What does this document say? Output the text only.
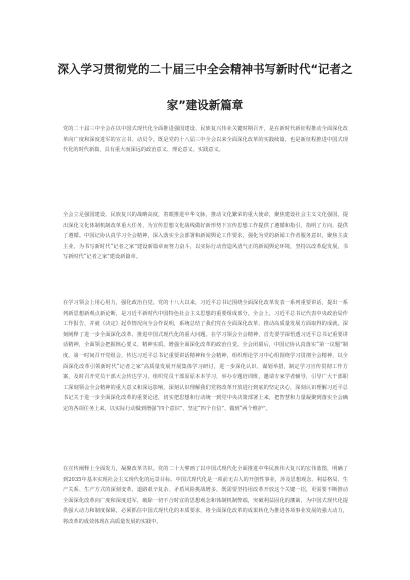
深入学习贯彻党的二十届三中全会精神书写新时代“记者之
家”建设新篇章

党的二十届三中全会在以中国式现代化全面推进强国建设、民族复兴伟业关键时期召开，是在新时代新征程推动全面深化改革向广度和深度进军的宣言书、动员令。既是党的十八届三中全会以来全面深化改革的实践续篇，也是新征程推进中国式现代化的时代新篇，具有重大而深远的政治意义、理论意义、实践意义。

全会立足强国建设、民族复兴的战略高度，着眼推进中华文脉，推动文化繁荣的重大使命，聚焦建设社会主义文化强国，提出深化文化体制机制改革重大任务，为宣传思想文化战线做好新形势下宣传思想工作提供了遵循和指引，指明了方向、提供了遵循。中国记协认真学习全会精神，深入落实全会部署和新闻舆论工作要求，强化为党的新闻工作者服务意识，聚焦主责主业，为书写新时代“记者之家”建设新篇章而努力奋斗，以实际行动营造风清气正的新闻舆论环境，坚持以改革促发展，书写新时代“记者之家”建设新篇章。

在学习领会上用心用力，强化政治自觉。党的十八大以来，习近平总书记围绕全面深化改革发表一系列重要讲话，提出一系列新思想新观点新论断，是习近平新时代中国特色社会主义思想的重要组成部分。全会上，习近平总书记代表中央政治局作工作报告，并就《决定》起草情况向全会作说明，系统总结了我们党在全面深化改革、推动高质量发展方面取得的成就，深刻阐释了进一步全面深化改革、推进中国式现代化的重大问题。在学习领会全会精神，首先要学深悟透习近平总书记重要讲话精神，全面领会把握核心要义、精神实质，增强全面深化改革的政治自觉。全会闭幕后，中国记协认真落实“第一议题”制度，第一时间召开党组会，传达习近平总书记重要讲话精神和全会精神，组织理论学习中心组围绕学习贯彻全会精神，以全面深化改革引领新时代“记者之家”高质量发展开展集体学习研讨，进一步深化认识、谋划举措，制定学习宣传贯彻工作方案，及时召开党员干部大会传达学习，组织党员干部原原本本学习，举办专题培训班，邀请专家学者辅导，引导广大干部职工深刻领会全会精神的重大意义和深远影响，深刻认识理解我们党将改革开放进行到底的坚定决心，深刻认识理解习近平总书记关于进一步全面深化改革的重要论述，切实把思想和行动统一到党中央决策部署上来，把智慧和力量凝聚到落实全会确定的各项任务上来，以实际行动做到增强“四个意识”、坚定“四个自信”、做到“两个维护”。

在宣传阐释上全面发力，凝聚改革共识。党的二十大擘画了以中国式现代化全面推进中华民族伟大复兴的宏伟蓝图，明确了到2035年基本实现社会主义现代化的远景目标。中国式现代化是一项前无古人的开创性事业，涉及思想观念、利益格局、生产关系、生产方式的深刻变革，道路艰辛复杂、矛盾风险挑战增多，既需要坚持用改革开放这个关键一招，更需要不断推动全面深化改革向广度和深度进军，破除一切不合时宜的思想观念和体制机制弊端，突破利益固化的藩篱，为中国式现代化提供强大动力和制度保障，必须抓住中国式现代化的本质要求，将全面深化改革的成果转化为推进各项事业发展的强大动力，将改革的成效体现在高质量发展的实践中。
